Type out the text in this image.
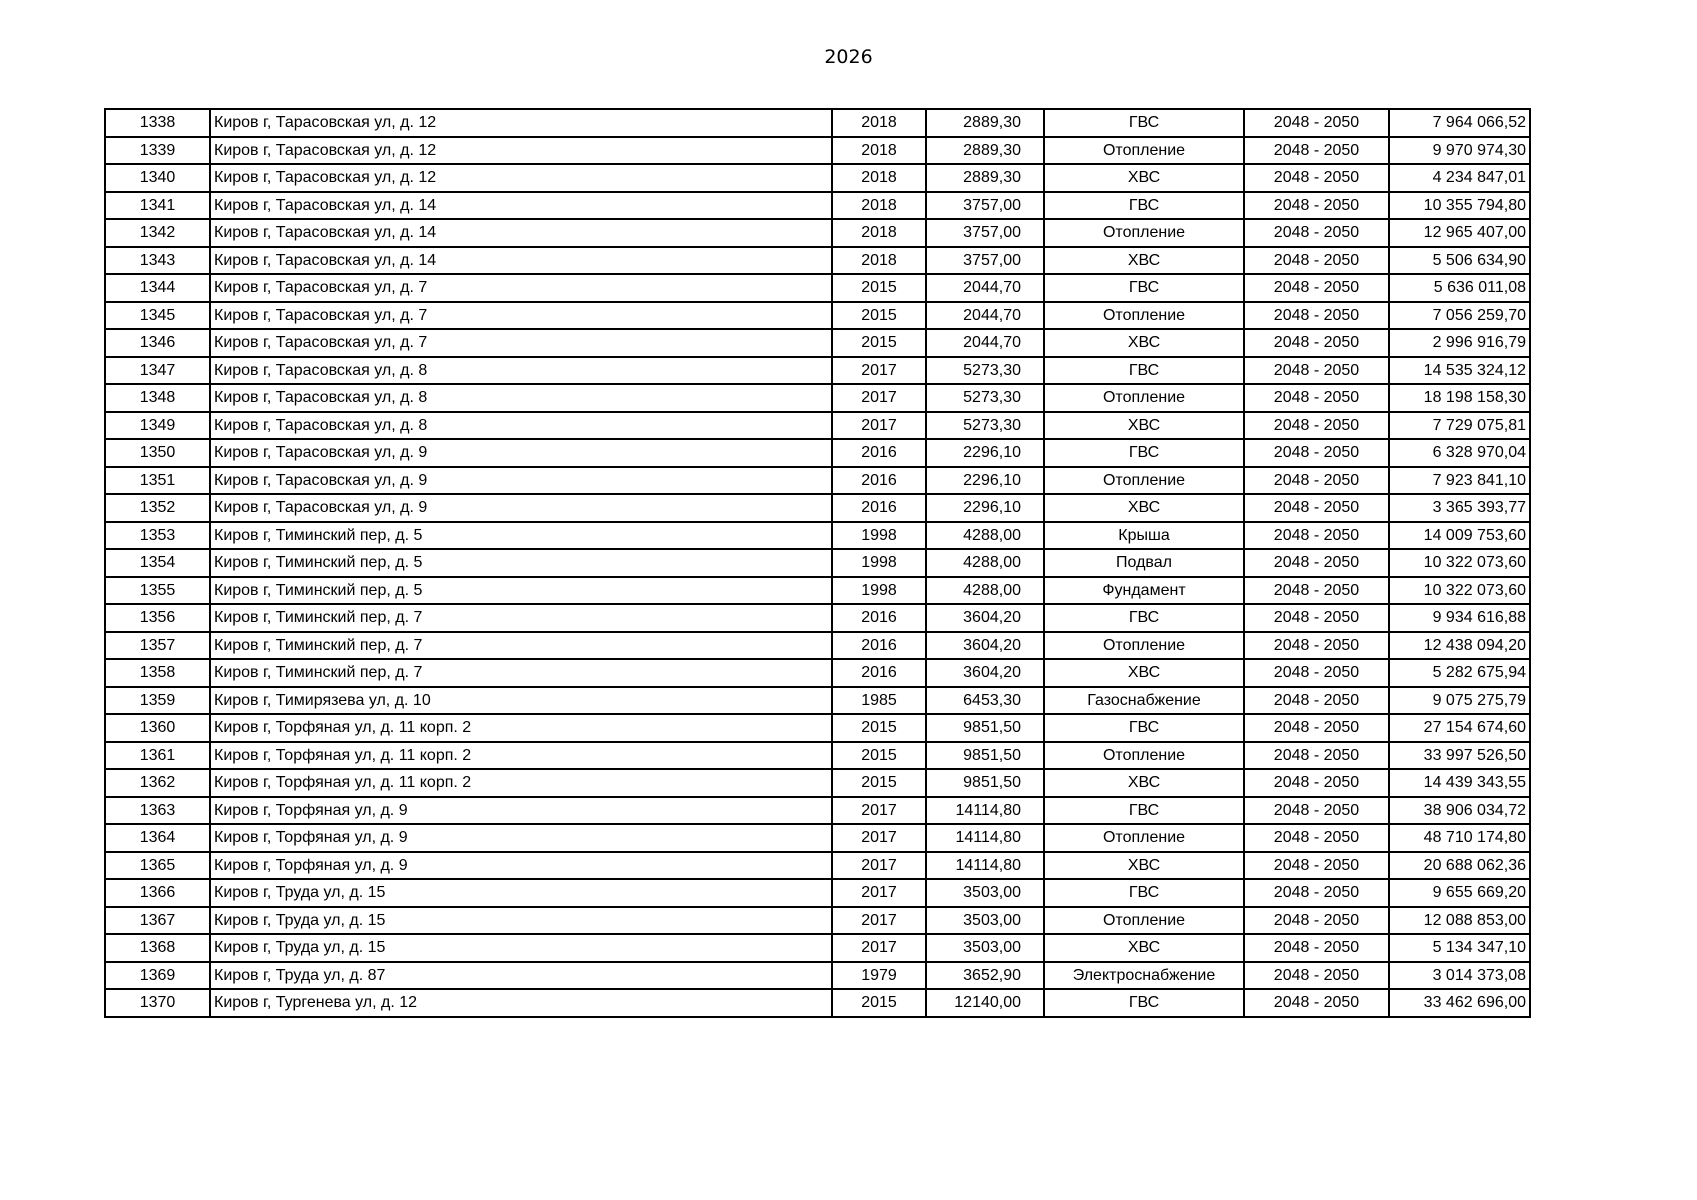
2026
1338	Киров г, Тарасовская ул, д. 12	2018	2889,30	ГВС	2048 - 2050	7 964 066,52
1339	Киров г, Тарасовская ул, д. 12	2018	2889,30	Отопление	2048 - 2050	9 970 974,30
1340	Киров г, Тарасовская ул, д. 12	2018	2889,30	ХВС	2048 - 2050	4 234 847,01
1341	Киров г, Тарасовская ул, д. 14	2018	3757,00	ГВС	2048 - 2050	10 355 794,80
1342	Киров г, Тарасовская ул, д. 14	2018	3757,00	Отопление	2048 - 2050	12 965 407,00
1343	Киров г, Тарасовская ул, д. 14	2018	3757,00	ХВС	2048 - 2050	5 506 634,90
1344	Киров г, Тарасовская ул, д. 7	2015	2044,70	ГВС	2048 - 2050	5 636 011,08
1345	Киров г, Тарасовская ул, д. 7	2015	2044,70	Отопление	2048 - 2050	7 056 259,70
1346	Киров г, Тарасовская ул, д. 7	2015	2044,70	ХВС	2048 - 2050	2 996 916,79
1347	Киров г, Тарасовская ул, д. 8	2017	5273,30	ГВС	2048 - 2050	14 535 324,12
1348	Киров г, Тарасовская ул, д. 8	2017	5273,30	Отопление	2048 - 2050	18 198 158,30
1349	Киров г, Тарасовская ул, д. 8	2017	5273,30	ХВС	2048 - 2050	7 729 075,81
1350	Киров г, Тарасовская ул, д. 9	2016	2296,10	ГВС	2048 - 2050	6 328 970,04
1351	Киров г, Тарасовская ул, д. 9	2016	2296,10	Отопление	2048 - 2050	7 923 841,10
1352	Киров г, Тарасовская ул, д. 9	2016	2296,10	ХВС	2048 - 2050	3 365 393,77
1353	Киров г, Тиминский пер, д. 5	1998	4288,00	Крыша	2048 - 2050	14 009 753,60
1354	Киров г, Тиминский пер, д. 5	1998	4288,00	Подвал	2048 - 2050	10 322 073,60
1355	Киров г, Тиминский пер, д. 5	1998	4288,00	Фундамент	2048 - 2050	10 322 073,60
1356	Киров г, Тиминский пер, д. 7	2016	3604,20	ГВС	2048 - 2050	9 934 616,88
1357	Киров г, Тиминский пер, д. 7	2016	3604,20	Отопление	2048 - 2050	12 438 094,20
1358	Киров г, Тиминский пер, д. 7	2016	3604,20	ХВС	2048 - 2050	5 282 675,94
1359	Киров г, Тимирязева ул, д. 10	1985	6453,30	Газоснабжение	2048 - 2050	9 075 275,79
1360	Киров г, Торфяная ул, д. 11 корп. 2	2015	9851,50	ГВС	2048 - 2050	27 154 674,60
1361	Киров г, Торфяная ул, д. 11 корп. 2	2015	9851,50	Отопление	2048 - 2050	33 997 526,50
1362	Киров г, Торфяная ул, д. 11 корп. 2	2015	9851,50	ХВС	2048 - 2050	14 439 343,55
1363	Киров г, Торфяная ул, д. 9	2017	14114,80	ГВС	2048 - 2050	38 906 034,72
1364	Киров г, Торфяная ул, д. 9	2017	14114,80	Отопление	2048 - 2050	48 710 174,80
1365	Киров г, Торфяная ул, д. 9	2017	14114,80	ХВС	2048 - 2050	20 688 062,36
1366	Киров г, Труда ул, д. 15	2017	3503,00	ГВС	2048 - 2050	9 655 669,20
1367	Киров г, Труда ул, д. 15	2017	3503,00	Отопление	2048 - 2050	12 088 853,00
1368	Киров г, Труда ул, д. 15	2017	3503,00	ХВС	2048 - 2050	5 134 347,10
1369	Киров г, Труда ул, д. 87	1979	3652,90	Электроснабжение	2048 - 2050	3 014 373,08
1370	Киров г, Тургенева ул, д. 12	2015	12140,00	ГВС	2048 - 2050	33 462 696,00
